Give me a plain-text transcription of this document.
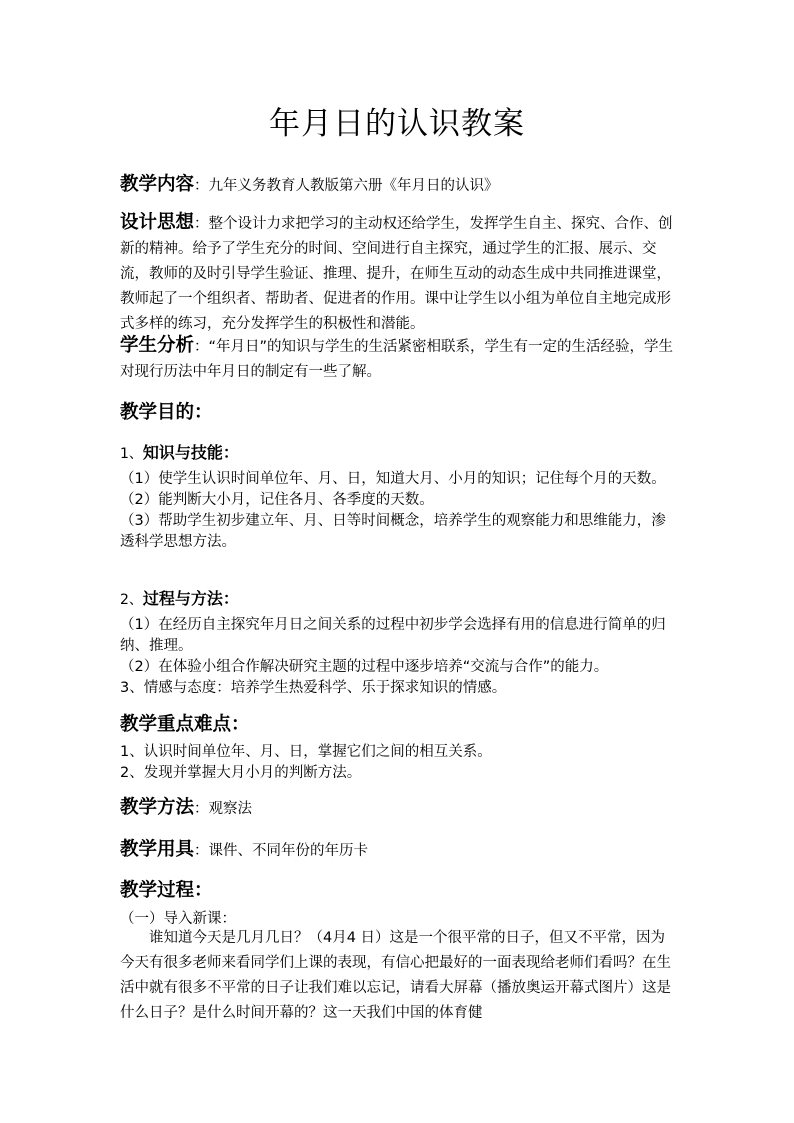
年月日的认识教案
教学内容：九年义务教育人教版第六册《年月日的认识》
设计思想：整个设计力求把学习的主动权还给学生，发挥学生自主、探究、合作、创新的精神。给予了学生充分的时间、空间进行自主探究，通过学生的汇报、展示、交流，教师的及时引导学生验证、推理、提升，在师生互动的动态生成中共同推进课堂，教师起了一个组织者、帮助者、促进者的作用。课中让学生以小组为单位自主地完成形式多样的练习，充分发挥学生的积极性和潜能。
学生分析：“年月日”的知识与学生的生活紧密相联系，学生有一定的生活经验，学生对现行历法中年月日的制定有一些了解。
教学目的：
1、知识与技能：
（1）使学生认识时间单位年、月、日，知道大月、小月的知识；记住每个月的天数。
（2）能判断大小月，记住各月、各季度的天数。
（3）帮助学生初步建立年、月、日等时间概念，培养学生的观察能力和思维能力，渗透科学思想方法。
2、过程与方法：
（1）在经历自主探究年月日之间关系的过程中初步学会选择有用的信息进行简单的归纳、推理。
（2）在体验小组合作解决研究主题的过程中逐步培养“交流与合作”的能力。
3、情感与态度：培养学生热爱科学、乐于探求知识的情感。
教学重点难点：
1、认识时间单位年、月、日，掌握它们之间的相互关系。
2、发现并掌握大月小月的判断方法。
教学方法：观察法
教学用具：课件、不同年份的年历卡
教学过程：
（一）导入新课：
谁知道今天是几月几日？（4月4 日）这是一个很平常的日子，但又不平常，因为今天有很多老师来看同学们上课的表现，有信心把最好的一面表现给老师们看吗？在生活中就有很多不平常的日子让我们难以忘记，请看大屏幕（播放奥运开幕式图片）这是什么日子？是什么时间开幕的？这一天我们中国的体育健
